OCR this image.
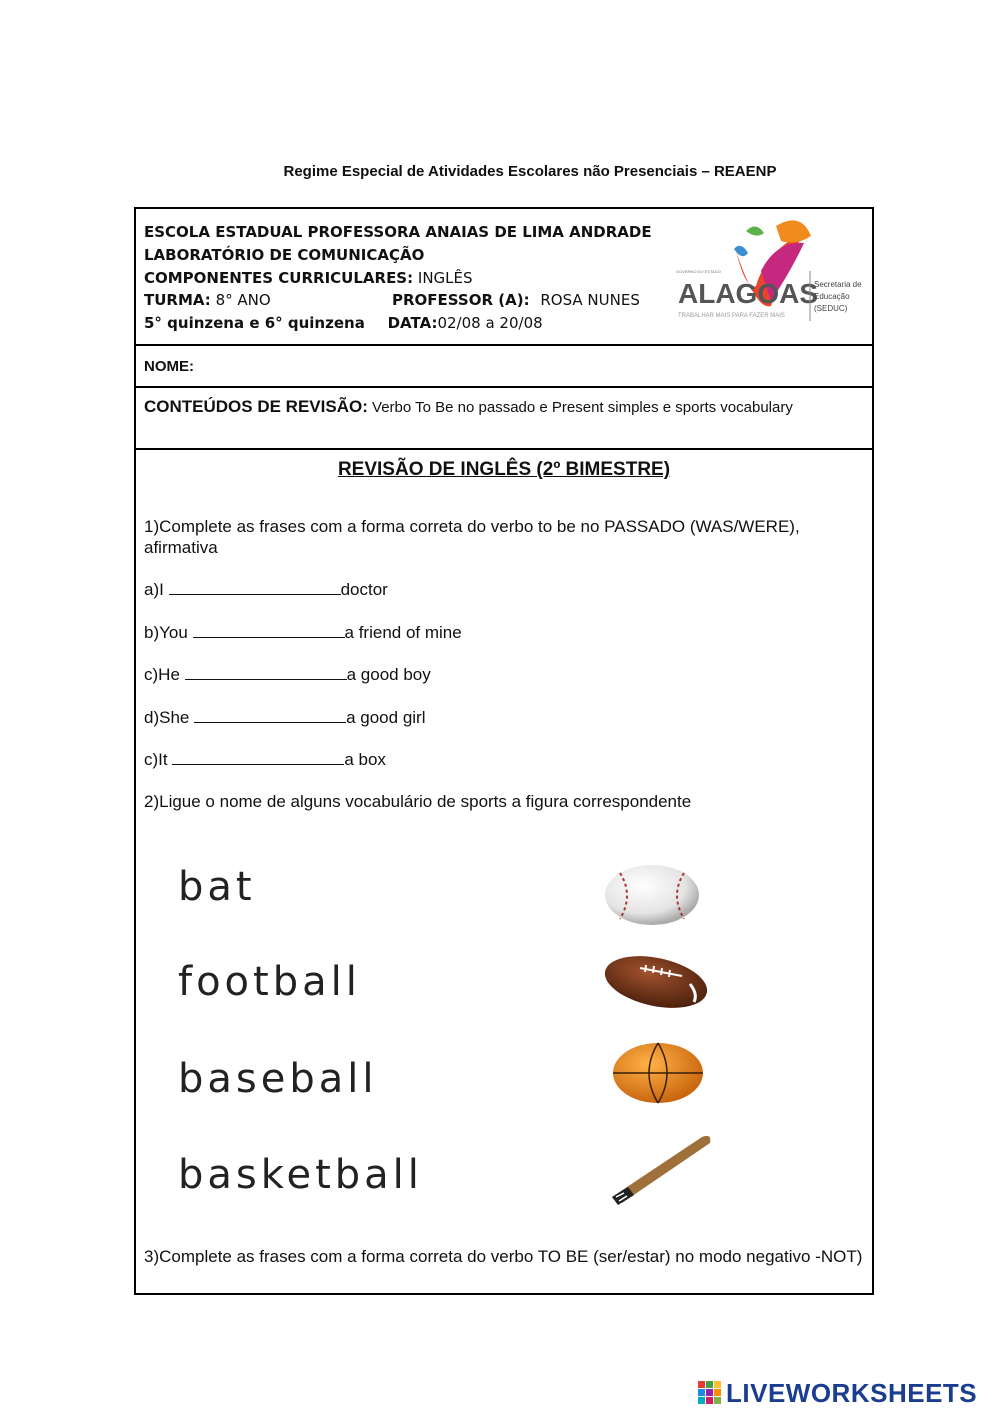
Regime Especial de Atividades Escolares não Presenciais – REAENP
ESCOLA ESTADUAL PROFESSORA ANAIAS DE LIMA ANDRADE
LABORATÓRIO DE COMUNICAÇÃO
COMPONENTES CURRICULARES: INGLÊS
TURMA: 8° ANO	PROFESSOR (A): ROSA NUNES
5° quinzena e 6° quinzena DATA:02/08 a 20/08
GOVERNO DO ESTADO
ALAGOAS
TRABALHAR MAIS PARA FAZER MAIS
Secretaria de
Educação
(SEDUC)
NOME:
CONTEÚDOS DE REVISÃO: Verbo To Be no passado e Present simples e sports vocabulary
REVISÃO DE INGLÊS (2º BIMESTRE)
1)Complete as frases com a forma correta do verbo to be no PASSADO (WAS/WERE), afirmativa
a)I	doctor
b)You	a friend of mine
c)He	a good boy
d)She	a good girl
c)It	a box
2)Ligue o nome de alguns vocabulário de sports a figura correspondente
bat
football
baseball
basketball
3)Complete as frases com a forma correta do verbo TO BE (ser/estar) no modo negativo -NOT)
LIVEWORKSHEETS
